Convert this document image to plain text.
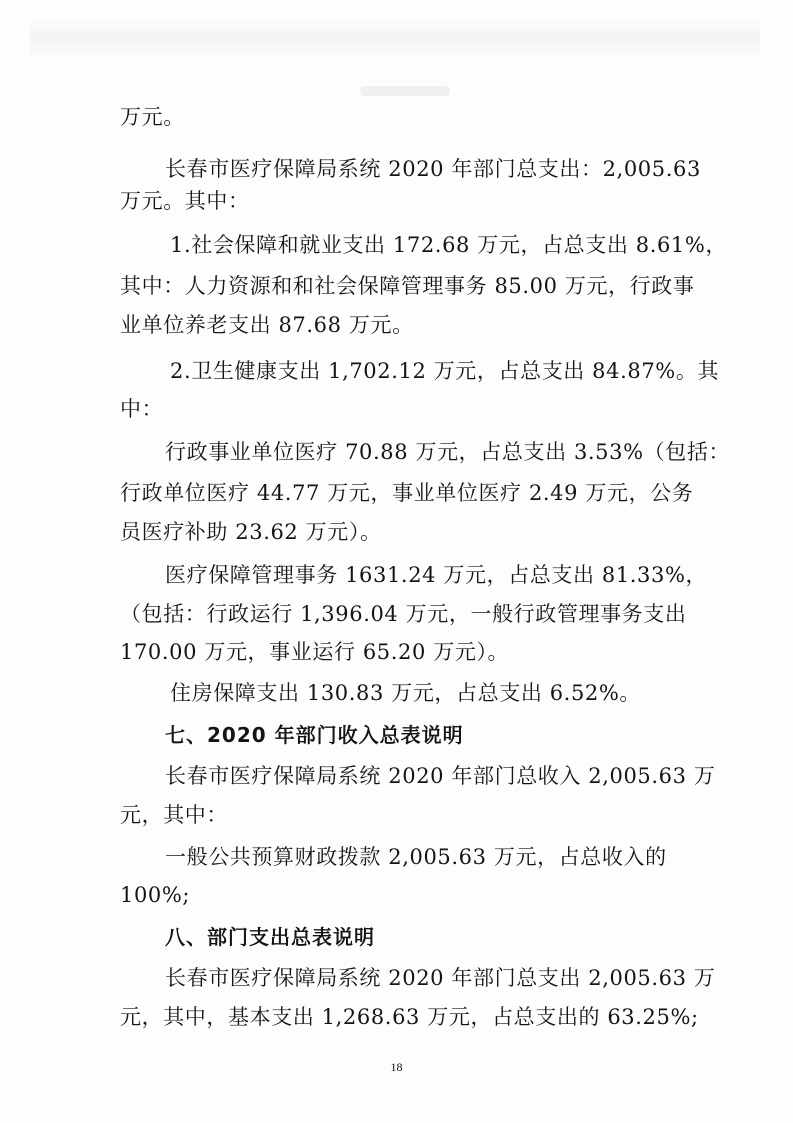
万元。
长春市医疗保障局系统 2020 年部门总支出：2,005.63
万元。其中：
1.社会保障和就业支出 172.68 万元，占总支出 8.61%，
其中：人力资源和和社会保障管理事务 85.00 万元，行政事
业单位养老支出 87.68 万元。
2.卫生健康支出 1,702.12 万元，占总支出 84.87%。其
中：
行政事业单位医疗 70.88 万元，占总支出 3.53%（包括：
行政单位医疗 44.77 万元，事业单位医疗 2.49 万元，公务
员医疗补助 23.62 万元）。
医疗保障管理事务 1631.24 万元，占总支出 81.33%，
（包括：行政运行 1,396.04 万元，一般行政管理事务支出
170.00 万元，事业运行 65.20 万元）。
住房保障支出 130.83 万元，占总支出 6.52%。
七、2020 年部门收入总表说明
长春市医疗保障局系统 2020 年部门总收入 2,005.63 万
元，其中：
一般公共预算财政拨款 2,005.63 万元，占总收入的
100%;
八、部门支出总表说明
长春市医疗保障局系统 2020 年部门总支出 2,005.63 万
元，其中，基本支出 1,268.63 万元，占总支出的 63.25%;
18
